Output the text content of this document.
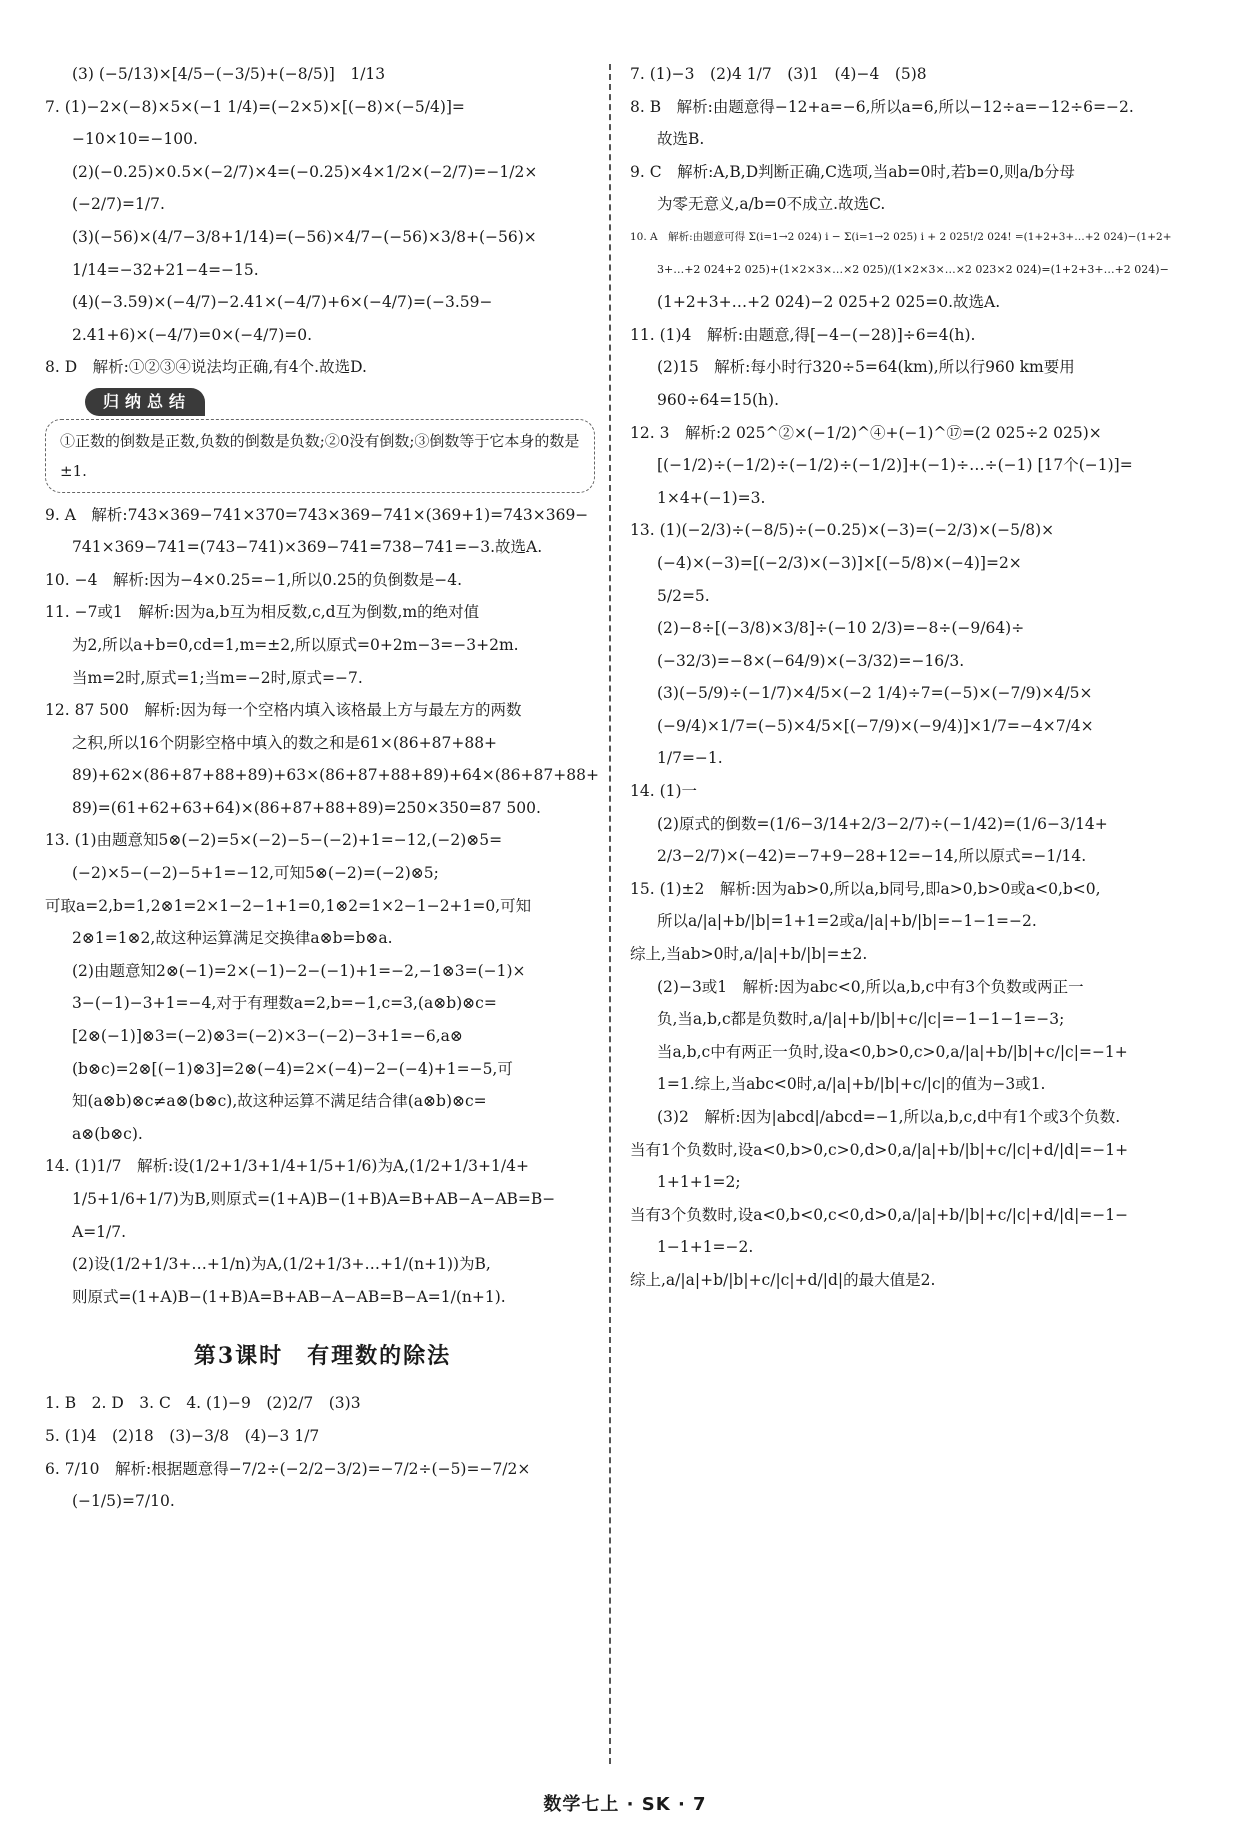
(3) (−5/13)×[4/5−(−3/5)+(−8/5)]　1/13
7. (1)−2×(−8)×5×(−1 1/4)=(−2×5)×[(−8)×(−5/4)]=
−10×10=−100.
(2)(−0.25)×0.5×(−2/7)×4=(−0.25)×4×1/2×(−2/7)=−1/2×
(−2/7)=1/7.
(3)(−56)×(4/7−3/8+1/14)=(−56)×4/7−(−56)×3/8+(−56)×
1/14=−32+21−4=−15.
(4)(−3.59)×(−4/7)−2.41×(−4/7)+6×(−4/7)=(−3.59−
2.41+6)×(−4/7)=0×(−4/7)=0.
8. D　解析:①②③④说法均正确,有4个.故选D.
归纳总结
①正数的倒数是正数,负数的倒数是负数;②0没有倒数;③倒数等于它本身的数是±1.
9. A　解析:743×369−741×370=743×369−741×(369+1)=743×369−
741×369−741=(743−741)×369−741=738−741=−3.故选A.
10. −4　解析:因为−4×0.25=−1,所以0.25的负倒数是−4.
11. −7或1　解析:因为a,b互为相反数,c,d互为倒数,m的绝对值
为2,所以a+b=0,cd=1,m=±2,所以原式=0+2m−3=−3+2m.
当m=2时,原式=1;当m=−2时,原式=−7.
12. 87 500　解析:因为每一个空格内填入该格最上方与最左方的两数
之积,所以16个阴影空格中填入的数之和是61×(86+87+88+
89)+62×(86+87+88+89)+63×(86+87+88+89)+64×(86+87+88+
89)=(61+62+63+64)×(86+87+88+89)=250×350=87 500.
13. (1)由题意知5⊗(−2)=5×(−2)−5−(−2)+1=−12,(−2)⊗5=
(−2)×5−(−2)−5+1=−12,可知5⊗(−2)=(−2)⊗5;
可取a=2,b=1,2⊗1=2×1−2−1+1=0,1⊗2=1×2−1−2+1=0,可知
2⊗1=1⊗2,故这种运算满足交换律a⊗b=b⊗a.
(2)由题意知2⊗(−1)=2×(−1)−2−(−1)+1=−2,−1⊗3=(−1)×
3−(−1)−3+1=−4,对于有理数a=2,b=−1,c=3,(a⊗b)⊗c=
[2⊗(−1)]⊗3=(−2)⊗3=(−2)×3−(−2)−3+1=−6,a⊗
(b⊗c)=2⊗[(−1)⊗3]=2⊗(−4)=2×(−4)−2−(−4)+1=−5,可
知(a⊗b)⊗c≠a⊗(b⊗c),故这种运算不满足结合律(a⊗b)⊗c=
a⊗(b⊗c).
14. (1)1/7　解析:设(1/2+1/3+1/4+1/5+1/6)为A,(1/2+1/3+1/4+
1/5+1/6+1/7)为B,则原式=(1+A)B−(1+B)A=B+AB−A−AB=B−
A=1/7.
(2)设(1/2+1/3+…+1/n)为A,(1/2+1/3+…+1/(n+1))为B,
则原式=(1+A)B−(1+B)A=B+AB−A−AB=B−A=1/(n+1).
第3课时　有理数的除法
1. B　2. D　3. C　4. (1)−9　(2)2/7　(3)3
5. (1)4　(2)18　(3)−3/8　(4)−3 1/7
6. 7/10　解析:根据题意得−7/2÷(−2/2−3/2)=−7/2÷(−5)=−7/2×
(−1/5)=7/10.
7. (1)−3　(2)4 1/7　(3)1　(4)−4　(5)8
8. B　解析:由题意得−12+a=−6,所以a=6,所以−12÷a=−12÷6=−2.
故选B.
9. C　解析:A,B,D判断正确,C选项,当ab=0时,若b=0,则a/b分母
为零无意义,a/b=0不成立.故选C.
10. A　解析:由题意可得 Σ(i=1→2 024) i − Σ(i=1→2 025) i + 2 025!/2 024! =(1+2+3+…+2 024)−(1+2+
3+…+2 024+2 025)+(1×2×3×…×2 025)/(1×2×3×…×2 023×2 024)=(1+2+3+…+2 024)−
(1+2+3+…+2 024)−2 025+2 025=0.故选A.
11. (1)4　解析:由题意,得[−4−(−28)]÷6=4(h).
(2)15　解析:每小时行320÷5=64(km),所以行960 km要用
960÷64=15(h).
12. 3　解析:2 025^②×(−1/2)^④+(−1)^⑰=(2 025÷2 025)×
[(−1/2)÷(−1/2)÷(−1/2)÷(−1/2)]+(−1)÷…÷(−1) [17个(−1)]=
1×4+(−1)=3.
13. (1)(−2/3)÷(−8/5)÷(−0.25)×(−3)=(−2/3)×(−5/8)×
(−4)×(−3)=[(−2/3)×(−3)]×[(−5/8)×(−4)]=2×
5/2=5.
(2)−8÷[(−3/8)×3/8]÷(−10 2/3)=−8÷(−9/64)÷
(−32/3)=−8×(−64/9)×(−3/32)=−16/3.
(3)(−5/9)÷(−1/7)×4/5×(−2 1/4)÷7=(−5)×(−7/9)×4/5×
(−9/4)×1/7=(−5)×4/5×[(−7/9)×(−9/4)]×1/7=−4×7/4×
1/7=−1.
14. (1)一
(2)原式的倒数=(1/6−3/14+2/3−2/7)÷(−1/42)=(1/6−3/14+
2/3−2/7)×(−42)=−7+9−28+12=−14,所以原式=−1/14.
15. (1)±2　解析:因为ab>0,所以a,b同号,即a>0,b>0或a<0,b<0,
所以a/|a|+b/|b|=1+1=2或a/|a|+b/|b|=−1−1=−2.
综上,当ab>0时,a/|a|+b/|b|=±2.
(2)−3或1　解析:因为abc<0,所以a,b,c中有3个负数或两正一
负,当a,b,c都是负数时,a/|a|+b/|b|+c/|c|=−1−1−1=−3;
当a,b,c中有两正一负时,设a<0,b>0,c>0,a/|a|+b/|b|+c/|c|=−1+
1=1.综上,当abc<0时,a/|a|+b/|b|+c/|c|的值为−3或1.
(3)2　解析:因为|abcd|/abcd=−1,所以a,b,c,d中有1个或3个负数.
当有1个负数时,设a<0,b>0,c>0,d>0,a/|a|+b/|b|+c/|c|+d/|d|=−1+
1+1+1=2;
当有3个负数时,设a<0,b<0,c<0,d>0,a/|a|+b/|b|+c/|c|+d/|d|=−1−
1−1+1=−2.
综上,a/|a|+b/|b|+c/|c|+d/|d|的最大值是2.
数学七上 · SK · 7
